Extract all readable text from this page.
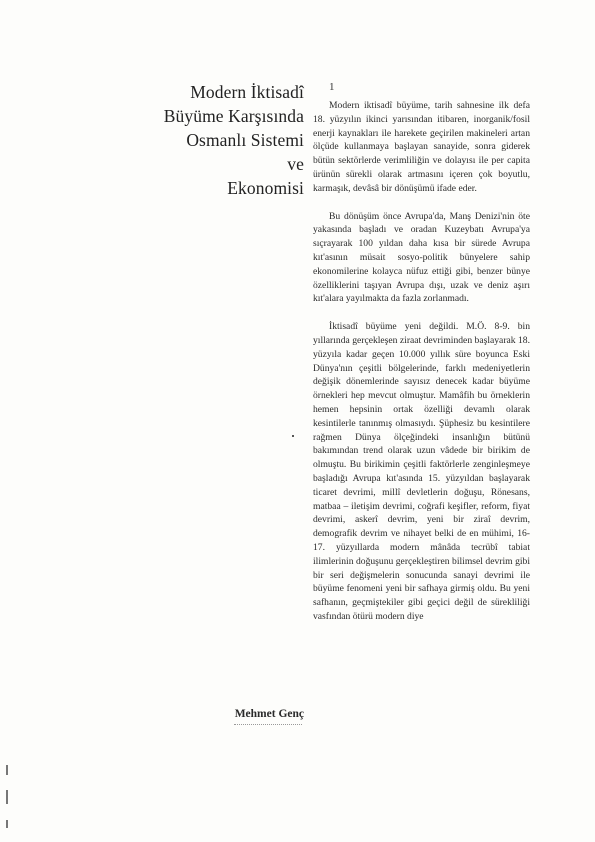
Modern İktisadî
Büyüme Karşısında
Osmanlı Sistemi
ve
Ekonomisi
1

Modern iktisadî büyüme, tarih sahnesine ilk defa 18. yüzyılın ikinci yarısından itibaren, inorganik/fosil enerji kaynakları ile harekete geçirilen makineleri artan ölçüde kullanmaya başlayan sanayide, sonra giderek bütün sektörlerde verimliliğin ve dolayısı ile per capita ürünün sürekli olarak artmasını içeren çok boyutlu, karmaşık, devâsâ bir dönüşümü ifade eder.

Bu dönüşüm önce Avrupa'da, Manş Denizi'nin öte yakasında başladı ve oradan Kuzeybatı Avrupa'ya sıçrayarak 100 yıldan daha kısa bir sürede Avrupa kıt'asının müsait sosyo-politik bünyelere sahip ekonomilerine kolayca nüfuz ettiği gibi, benzer bünye özelliklerini taşıyan Avrupa dışı, uzak ve deniz aşırı kıt'alara yayılmakta da fazla zorlanmadı.

İktisadî büyüme yeni değildi. M.Ö. 8-9. bin yıllarında gerçekleşen ziraat devriminden başlayarak 18. yüzyıla kadar geçen 10.000 yıllık süre boyunca Eski Dünya'nın çeşitli bölgelerinde, farklı medeniyetlerin değişik dönemlerinde sayısız denecek kadar büyüme örnekleri hep mevcut olmuştur. Mamâfih bu örneklerin hemen hepsinin ortak özelliği devamlı olarak kesintilerle tanınmış olmasıydı. Şüphesiz bu kesintilere rağmen Dünya ölçeğindeki insanlığın bütünü bakımından trend olarak uzun vâdede bir birikim de olmuştu. Bu birikimin çeşitli faktörlerle zenginleşmeye başladığı Avrupa kıt'asında 15. yüzyıldan başlayarak ticaret devrimi, millî devletlerin doğuşu, Rönesans, matbaa – iletişim devrimi, coğrafi keşifler, reform, fiyat devrimi, askerî devrim, yeni bir ziraî devrim, demografik devrim ve nihayet belki de en mühimi, 16-17. yüzyıllarda modern mânâda tecrübî tabiat ilimlerinin doğuşunu gerçekleştiren bilimsel devrim gibi bir seri değişmelerin sonucunda sanayi devrimi ile büyüme fenomeni yeni bir safhaya girmiş oldu. Bu yeni safhanın, geçmiştekiler gibi geçici değil de sürekliliği vasfından ötürü modern diye

Mehmet Genç
